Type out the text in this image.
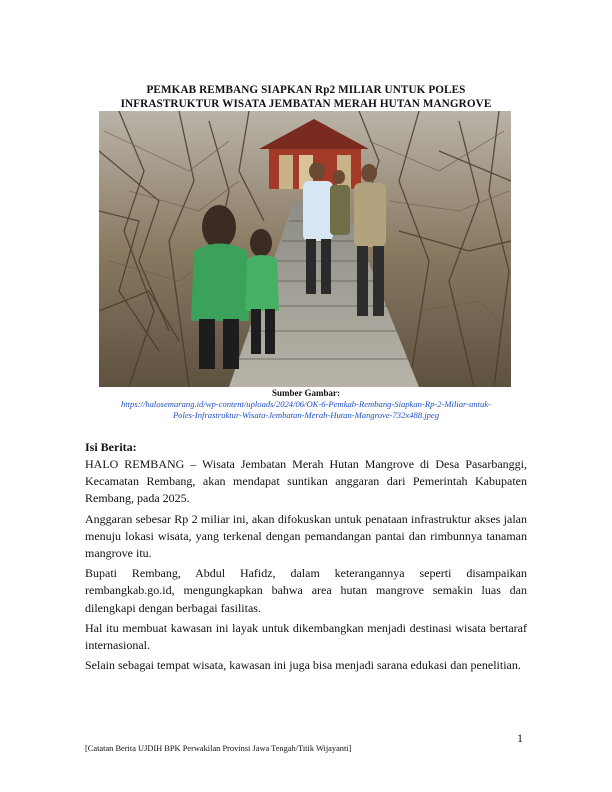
PEMKAB REMBANG SIAPKAN Rp2 MILIAR UNTUK POLES
INFRASTRUKTUR WISATA JEMBATAN MERAH HUTAN MANGROVE
Sumber Gambar:
https://halosemarang.id/wp-content/uploads/2024/06/OK-6-Pemkab-Rembang-Siapkan-Rp-2-Miliar-untuk-
Poles-Infrastruktur-Wisata-Jembatan-Merah-Hutan-Mangrove-732x488.jpeg
Isi Berita:

HALO REMBANG – Wisata Jembatan Merah Hutan Mangrove di Desa Pasarbanggi, Kecamatan Rembang, akan mendapat suntikan anggaran dari Pemerintah Kabupaten Rembang, pada 2025.

Anggaran sebesar Rp 2 miliar ini, akan difokuskan untuk penataan infrastruktur akses jalan menuju lokasi wisata, yang terkenal dengan pemandangan pantai dan rimbunnya tanaman mangrove itu.

Bupati Rembang, Abdul Hafidz, dalam keterangannya seperti disampaikan rembangkab.go.id, mengungkapkan bahwa area hutan mangrove semakin luas dan dilengkapi dengan berbagai fasilitas.

Hal itu membuat kawasan ini layak untuk dikembangkan menjadi destinasi wisata bertaraf internasional.

Selain sebagai tempat wisata, kawasan ini juga bisa menjadi sarana edukasi dan penelitian.

1
[Catatan Berita UJDIH BPK Perwakilan Provinsi Jawa Tengah/Titik Wijayanti]
